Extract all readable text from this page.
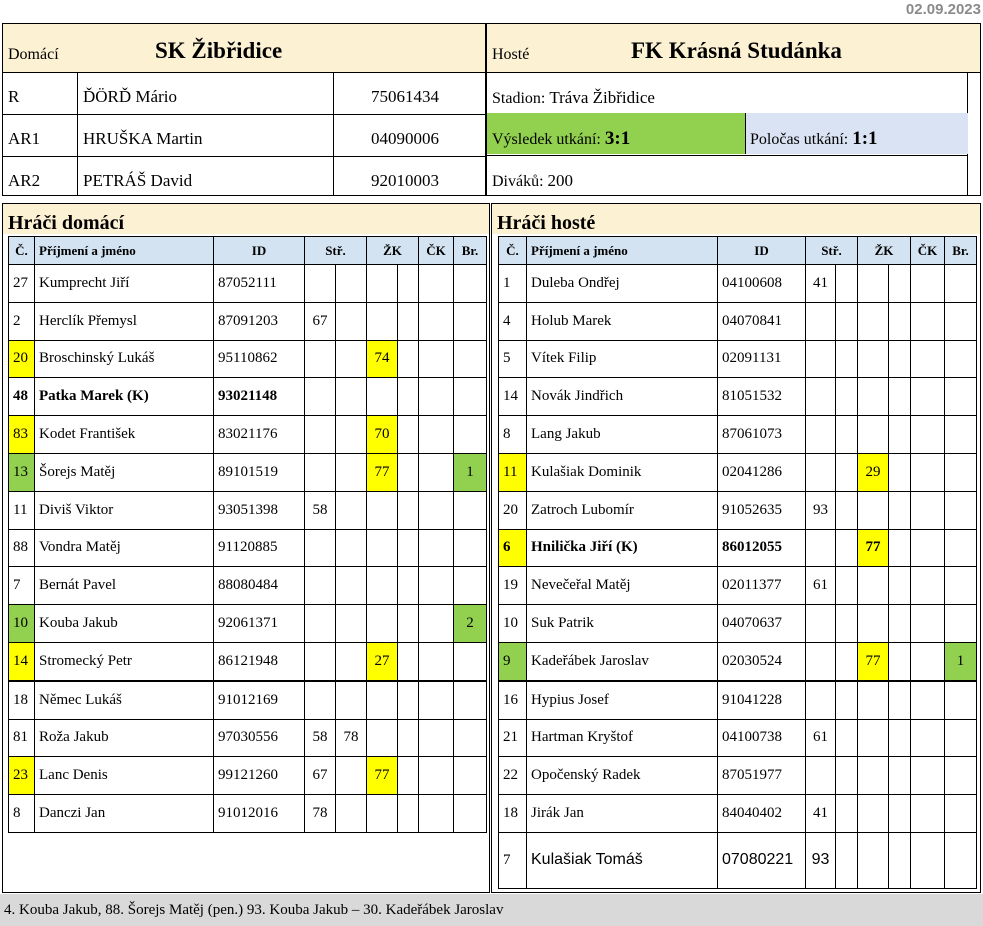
02.09.2023
Domácí	SK Žibřidice
R	ĎÖRĎ Mário	75061434
AR1	HRUŠKA Martin	04090006
AR2	PETRÁŠ David	92010003
Hosté	FK Krásná Studánka
Stadion: Tráva Žibřidice
Výsledek utkání: 3:1	Poločas utkání: 1:1
Diváků: 200
Hráči domácí
Č.	Příjmení a jméno	ID	Stř.		ŽK		ČK	Br.
27	Kumprecht Jiří	87052111						
2	Herclík Přemysl	87091203	67					
20	Broschinský Lukáš	95110862			74			
48	Patka Marek (K)	93021148						
83	Kodet František	83021176			70			
13	Šorejs Matěj	89101519			77			1
11	Diviš Viktor	93051398	58					
88	Vondra Matěj	91120885						
7	Bernát Pavel	88080484						
10	Kouba Jakub	92061371						2
14	Stromecký Petr	86121948			27			
18	Němec Lukáš	91012169						
81	Roža Jakub	97030556	58	78				
23	Lanc Denis	99121260	67		77			
8	Danczi Jan	91012016	78					
Hráči hosté
Č.	Příjmení a jméno	ID	Stř.		ŽK		ČK	Br.
1	Duleba Ondřej	04100608	41					
4	Holub Marek	04070841						
5	Vítek Filip	02091131						
14	Novák Jindřich	81051532						
8	Lang Jakub	87061073						
11	Kulašiak Dominik	02041286			29			
20	Zatroch Lubomír	91052635	93					
6	Hnilička Jiří (K)	86012055			77			
19	Nevečeřal Matěj	02011377	61					
10	Suk Patrik	04070637						
9	Kadeřábek Jaroslav	02030524			77			1
16	Hypius Josef	91041228						
21	Hartman Kryštof	04100738	61					
22	Opočenský Radek	87051977						
18	Jirák Jan	84040402	41					
7	Kulašiak Tomáš	07080221	93					
4. Kouba Jakub, 88. Šorejs Matěj (pen.) 93. Kouba Jakub – 30. Kadeřábek Jaroslav
